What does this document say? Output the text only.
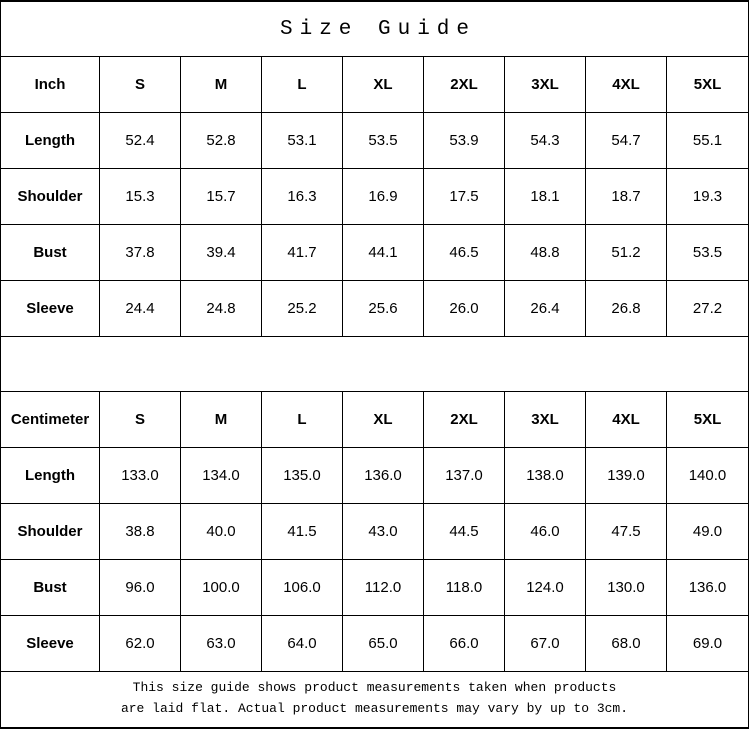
Size Guide
Inch	S	M	L	XL	2XL	3XL	4XL	5XL
Length	52.4	52.8	53.1	53.5	53.9	54.3	54.7	55.1
Shoulder	15.3	15.7	16.3	16.9	17.5	18.1	18.7	19.3
Bust	37.8	39.4	41.7	44.1	46.5	48.8	51.2	53.5
Sleeve	24.4	24.8	25.2	25.6	26.0	26.4	26.8	27.2
Centimeter	S	M	L	XL	2XL	3XL	4XL	5XL
Length	133.0	134.0	135.0	136.0	137.0	138.0	139.0	140.0
Shoulder	38.8	40.0	41.5	43.0	44.5	46.0	47.5	49.0
Bust	96.0	100.0	106.0	112.0	118.0	124.0	130.0	136.0
Sleeve	62.0	63.0	64.0	65.0	66.0	67.0	68.0	69.0
This size guide shows product measurements taken when products
are laid flat. Actual product measurements may vary by up to 3cm.
